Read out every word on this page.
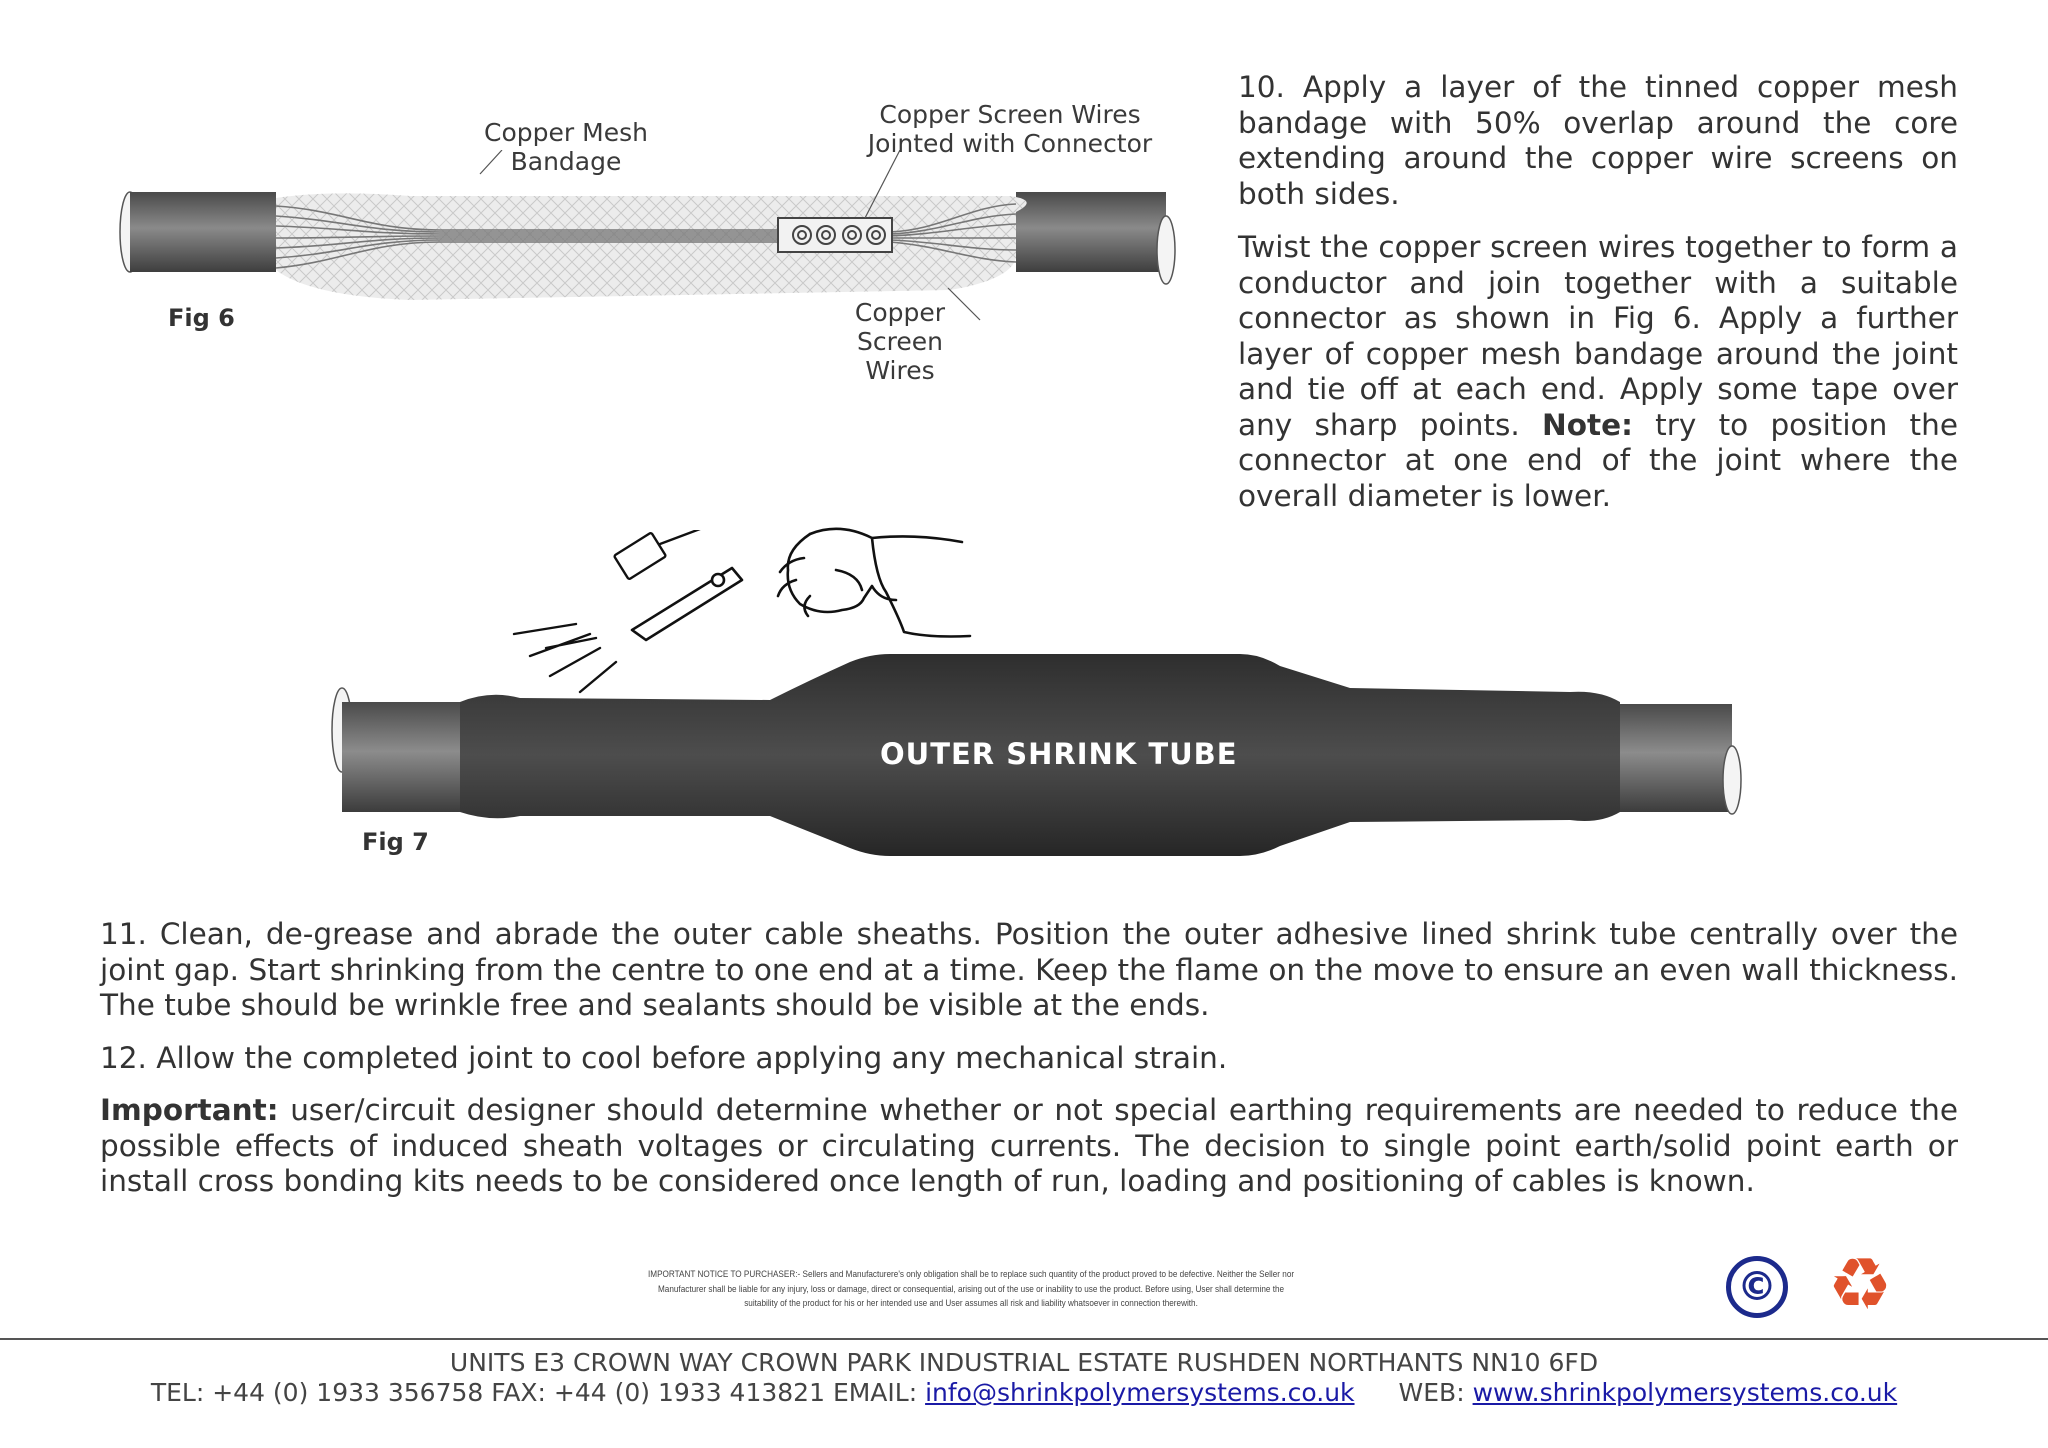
Fig 6
Copper Mesh
Bandage
Copper Screen Wires
Jointed with Connector
Copper
Screen
Wires

10. Apply a layer of the tinned copper mesh bandage with 50% overlap around the core extending around the copper wire screens on both sides.

Twist the copper screen wires together to form a conductor and join together with a suitable connector as shown in Fig 6. Apply a further layer of copper mesh bandage around the joint and tie off at each end. Apply some tape over any sharp points. Note: try to position the connector at one end of the joint where the overall diameter is lower.

OUTER SHRINK TUBE
Fig 7

11. Clean, de-grease and abrade the outer cable sheaths. Position the outer adhesive lined shrink tube centrally over the joint gap. Start shrinking from the centre to one end at a time. Keep the flame on the move to ensure an even wall thickness. The tube should be wrinkle free and sealants should be visible at the ends.

12. Allow the completed joint to cool before applying any mechanical strain.

Important: user/circuit designer should determine whether or not special earthing requirements are needed to reduce the possible effects of induced sheath voltages or circulating currents. The decision to single point earth/solid point earth or install cross bonding kits needs to be considered once length of run, loading and positioning of cables is known.

IMPORTANT NOTICE TO PURCHASER:- Sellers and Manufacturere's only obligation shall be to replace such quantity of the product proved to be defective. Neither the Seller nor
Manufacturer shall be liable for any injury, loss or damage, direct or consequential, arising out of the use or inability to use the product. Before using, User shall determine the
suitability of the product for his or her intended use and User assumes all risk and liability whatsoever in connection therewith.	© ♻
UNITS E3 CROWN WAY CROWN PARK INDUSTRIAL ESTATE RUSHDEN NORTHANTS NN10 6FD
TEL: +44 (0) 1933 356758 FAX: +44 (0) 1933 413821 EMAIL: info@shrinkpolymersystems.co.uk WEB: www.shrinkpolymersystems.co.uk
